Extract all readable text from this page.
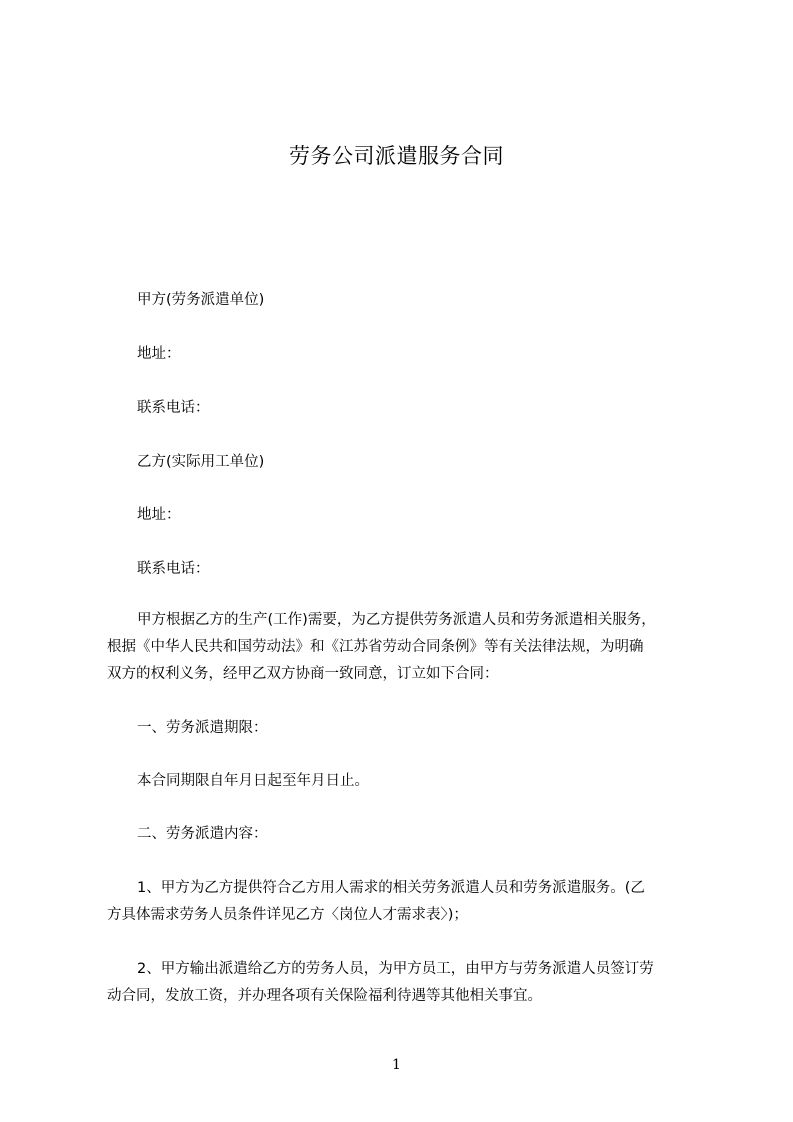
劳务公司派遣服务合同
甲方(劳务派遣单位)
地址：
联系电话：
乙方(实际用工单位)
地址：
联系电话：
甲方根据乙方的生产(工作)需要，为乙方提供劳务派遣人员和劳务派遣相关服务，
根据《中华人民共和国劳动法》和《江苏省劳动合同条例》等有关法律法规，为明确
双方的权利义务，经甲乙双方协商一致同意，订立如下合同：
一、劳务派遣期限：
本合同期限自年月日起至年月日止。
二、劳务派遣内容：
1、甲方为乙方提供符合乙方用人需求的相关劳务派遣人员和劳务派遣服务。(乙
方具体需求劳务人员条件详见乙方〈岗位人才需求表〉)；
2、甲方输出派遣给乙方的劳务人员，为甲方员工，由甲方与劳务派遣人员签订劳
动合同，发放工资，并办理各项有关保险福利待遇等其他相关事宜。
1
